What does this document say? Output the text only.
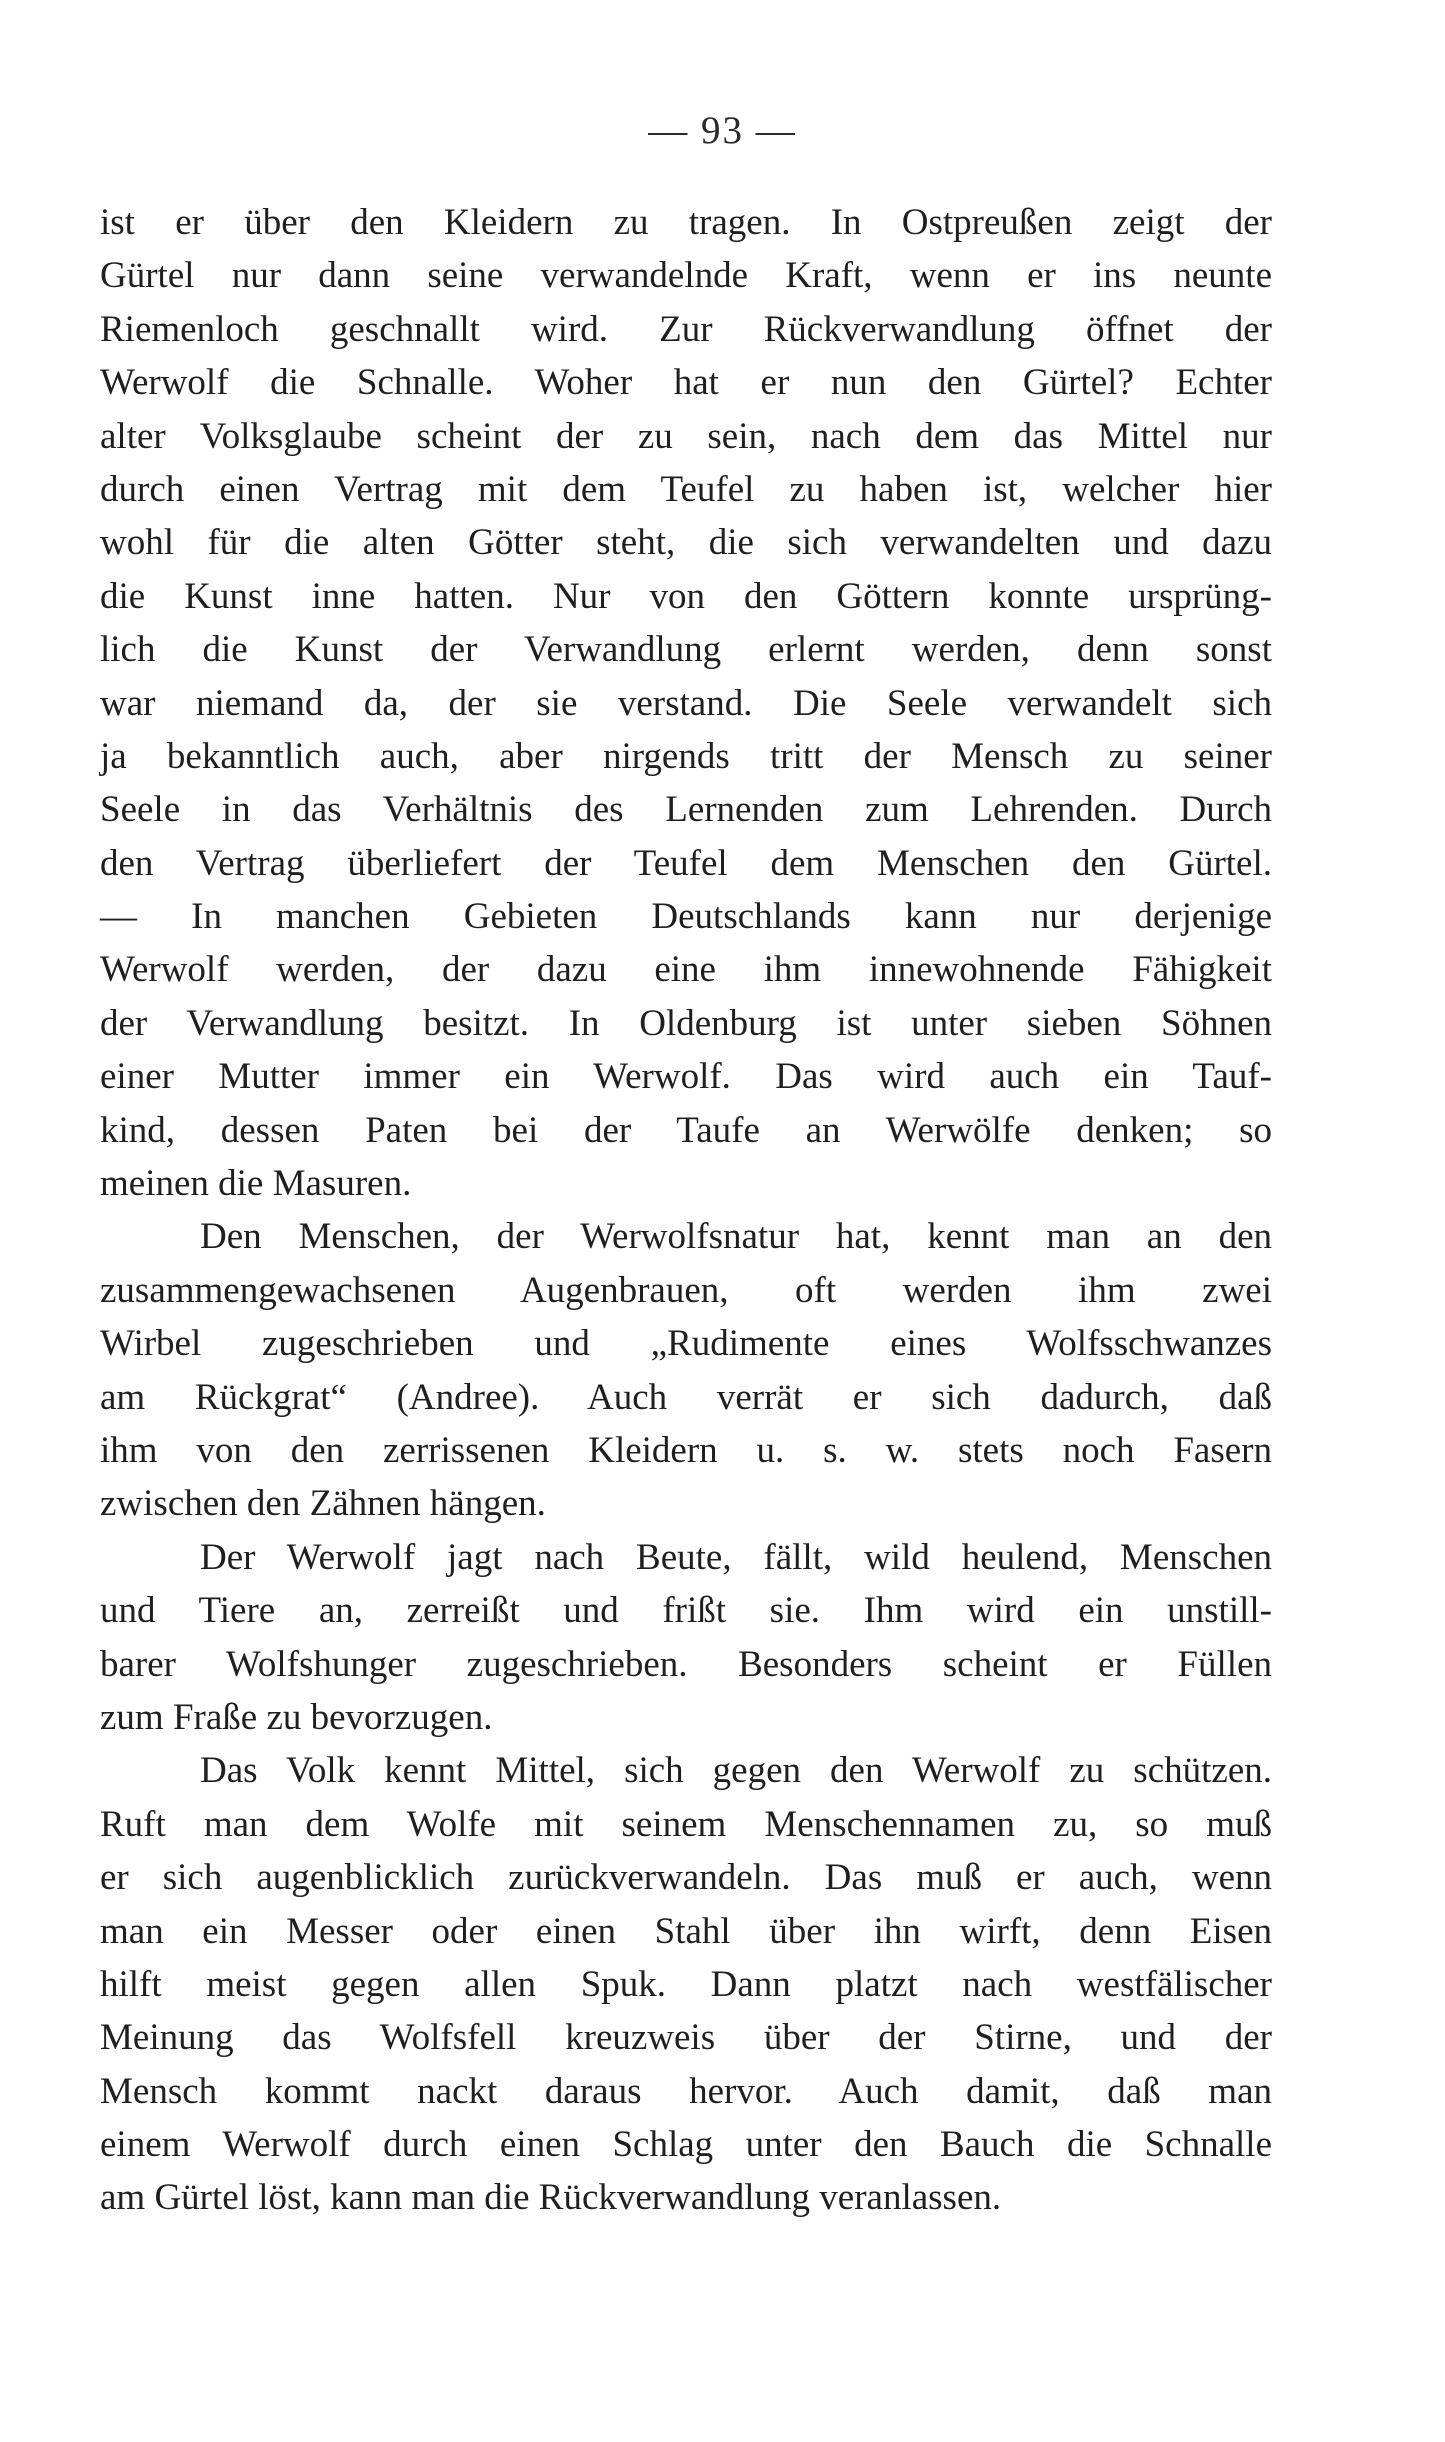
— 93 —
ist er über den Kleidern zu tragen. In Ostpreußen zeigt der
Gürtel nur dann seine verwandelnde Kraft, wenn er ins neunte
Riemenloch geschnallt wird. Zur Rückverwandlung öffnet der
Werwolf die Schnalle. Woher hat er nun den Gürtel? Echter
alter Volksglaube scheint der zu sein, nach dem das Mittel nur
durch einen Vertrag mit dem Teufel zu haben ist, welcher hier
wohl für die alten Götter steht, die sich verwandelten und dazu
die Kunst inne hatten. Nur von den Göttern konnte ursprüng-
lich die Kunst der Verwandlung erlernt werden, denn sonst
war niemand da, der sie verstand. Die Seele verwandelt sich
ja bekanntlich auch, aber nirgends tritt der Mensch zu seiner
Seele in das Verhältnis des Lernenden zum Lehrenden. Durch
den Vertrag überliefert der Teufel dem Menschen den Gürtel.
— In manchen Gebieten Deutschlands kann nur derjenige
Werwolf werden, der dazu eine ihm innewohnende Fähigkeit
der Verwandlung besitzt. In Oldenburg ist unter sieben Söhnen
einer Mutter immer ein Werwolf. Das wird auch ein Tauf-
kind, dessen Paten bei der Taufe an Werwölfe denken; so
meinen die Masuren.
Den Menschen, der Werwolfsnatur hat, kennt man an den
zusammengewachsenen Augenbrauen, oft werden ihm zwei
Wirbel zugeschrieben und „Rudimente eines Wolfsschwanzes
am Rückgrat“ (Andree). Auch verrät er sich dadurch, daß
ihm von den zerrissenen Kleidern u. s. w. stets noch Fasern
zwischen den Zähnen hängen.
Der Werwolf jagt nach Beute, fällt, wild heulend, Menschen
und Tiere an, zerreißt und frißt sie. Ihm wird ein unstill-
barer Wolfshunger zugeschrieben. Besonders scheint er Füllen
zum Fraße zu bevorzugen.
Das Volk kennt Mittel, sich gegen den Werwolf zu schützen.
Ruft man dem Wolfe mit seinem Menschennamen zu, so muß
er sich augenblicklich zurückverwandeln. Das muß er auch, wenn
man ein Messer oder einen Stahl über ihn wirft, denn Eisen
hilft meist gegen allen Spuk. Dann platzt nach westfälischer
Meinung das Wolfsfell kreuzweis über der Stirne, und der
Mensch kommt nackt daraus hervor. Auch damit, daß man
einem Werwolf durch einen Schlag unter den Bauch die Schnalle
am Gürtel löst, kann man die Rückverwandlung veranlassen.
